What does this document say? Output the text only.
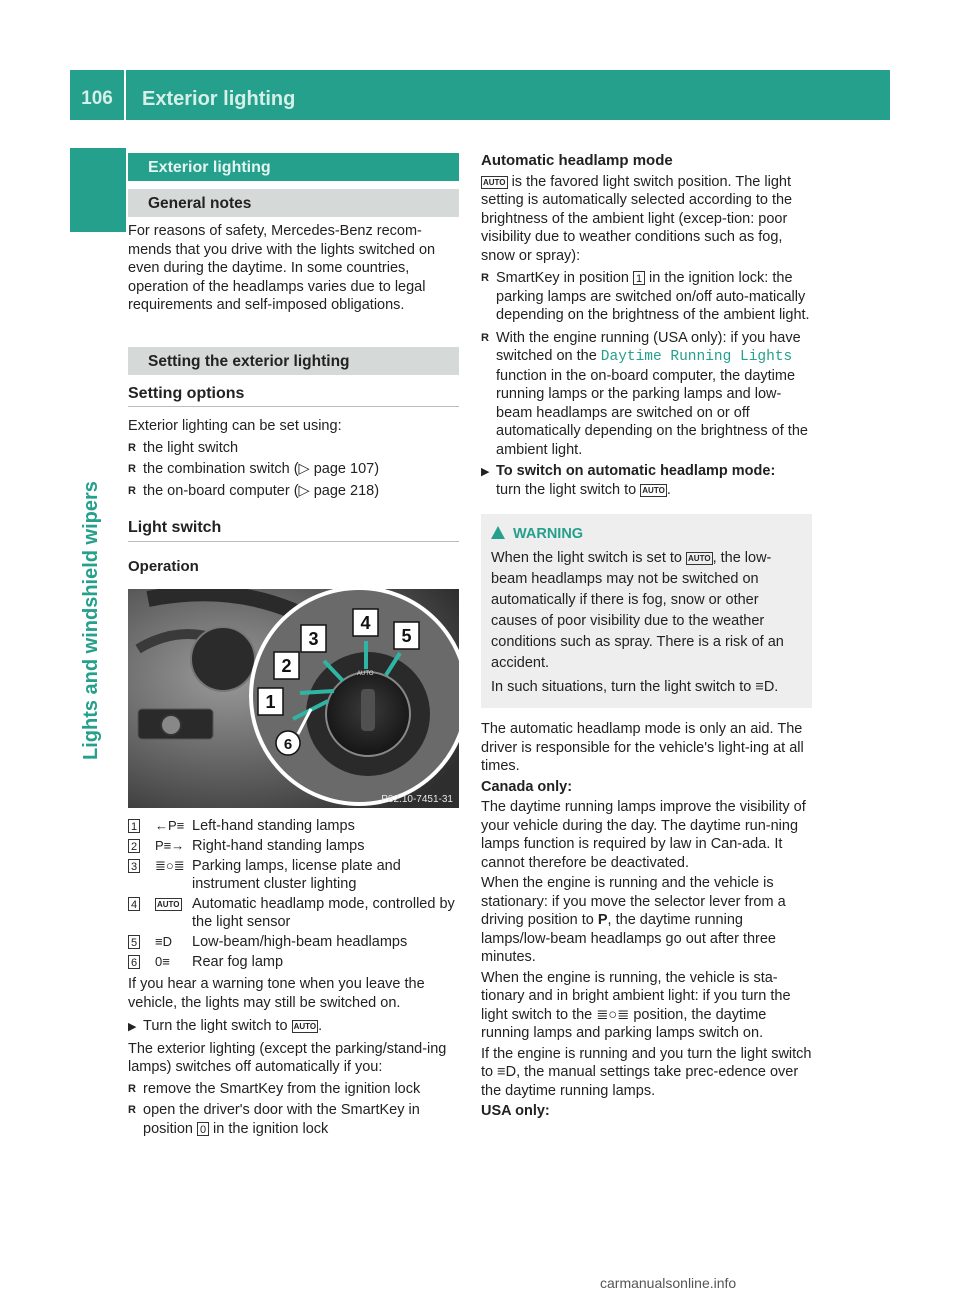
106	Exterior lighting
Lights and windshield wipers
Exterior lighting
General notes

For reasons of safety, Mercedes-Benz recom-mends that you drive with the lights switched on even during the daytime. In some countries, operation of the headlamps varies due to legal requirements and self-imposed obligations.

Setting the exterior lighting
Setting options

Exterior lighting can be set using:

R the light switch
R the combination switch (▷ page 107)
R the on-board computer (▷ page 218)
Light switch
Operation
AUTO
1
2
3
4
5
6
P82.10-7451-31
1 ←P≡ Left-hand standing lamps
2 P≡→ Right-hand standing lamps
3 ≣○≣ Parking lamps, license plate and instrument cluster lighting
4	AUTO Automatic headlamp mode, controlled by the light sensor
5 ≡D	Low-beam/high-beam headlamps
6 0≡	Rear fog lamp

If you hear a warning tone when you leave the vehicle, the lights may still be switched on.

▶ Turn the light switch to AUTO .

The exterior lighting (except the parking/stand-ing lamps) switches off automatically if you:

R remove the SmartKey from the ignition lock
R open the driver's door with the SmartKey in position 0 in the ignition lock
Automatic headlamp mode

AUTO is the favored light switch position. The light setting is automatically selected according to the brightness of the ambient light (excep-tion: poor visibility due to weather conditions such as fog, snow or spray):

R SmartKey in position 1 in the ignition lock: the parking lamps are switched on/off auto-matically depending on the brightness of the ambient light.
R With the engine running (USA only): if you have switched on the Daytime Running Lights function in the on-board computer, the daytime running lamps or the parking lamps and low-beam headlamps are switched on or off automatically depending on the brightness of the ambient light.
▶ To switch on automatic headlamp mode:
turn the light switch to AUTO .
WARNING

When the light switch is set to AUTO , the low-beam headlamps may not be switched on automatically if there is fog, snow or other causes of poor visibility due to the weather conditions such as spray. There is a risk of an accident.

In such situations, turn the light switch to ≡D.

The automatic headlamp mode is only an aid. The driver is responsible for the vehicle's light-ing at all times.

Canada only:

The daytime running lamps improve the visibility of your vehicle during the day. The daytime run-ning lamps function is required by law in Can-ada. It cannot therefore be deactivated.

When the engine is running and the vehicle is stationary: if you move the selector lever from a driving position to P, the daytime running lamps/low-beam headlamps go out after three minutes.

When the engine is running, the vehicle is sta-tionary and in bright ambient light: if you turn the light switch to the ≣○≣ position, the daytime running lamps and parking lamps switch on.

If the engine is running and you turn the light switch to ≡D, the manual settings take prec-edence over the daytime running lamps.

USA only:
carmanualsonline.info
